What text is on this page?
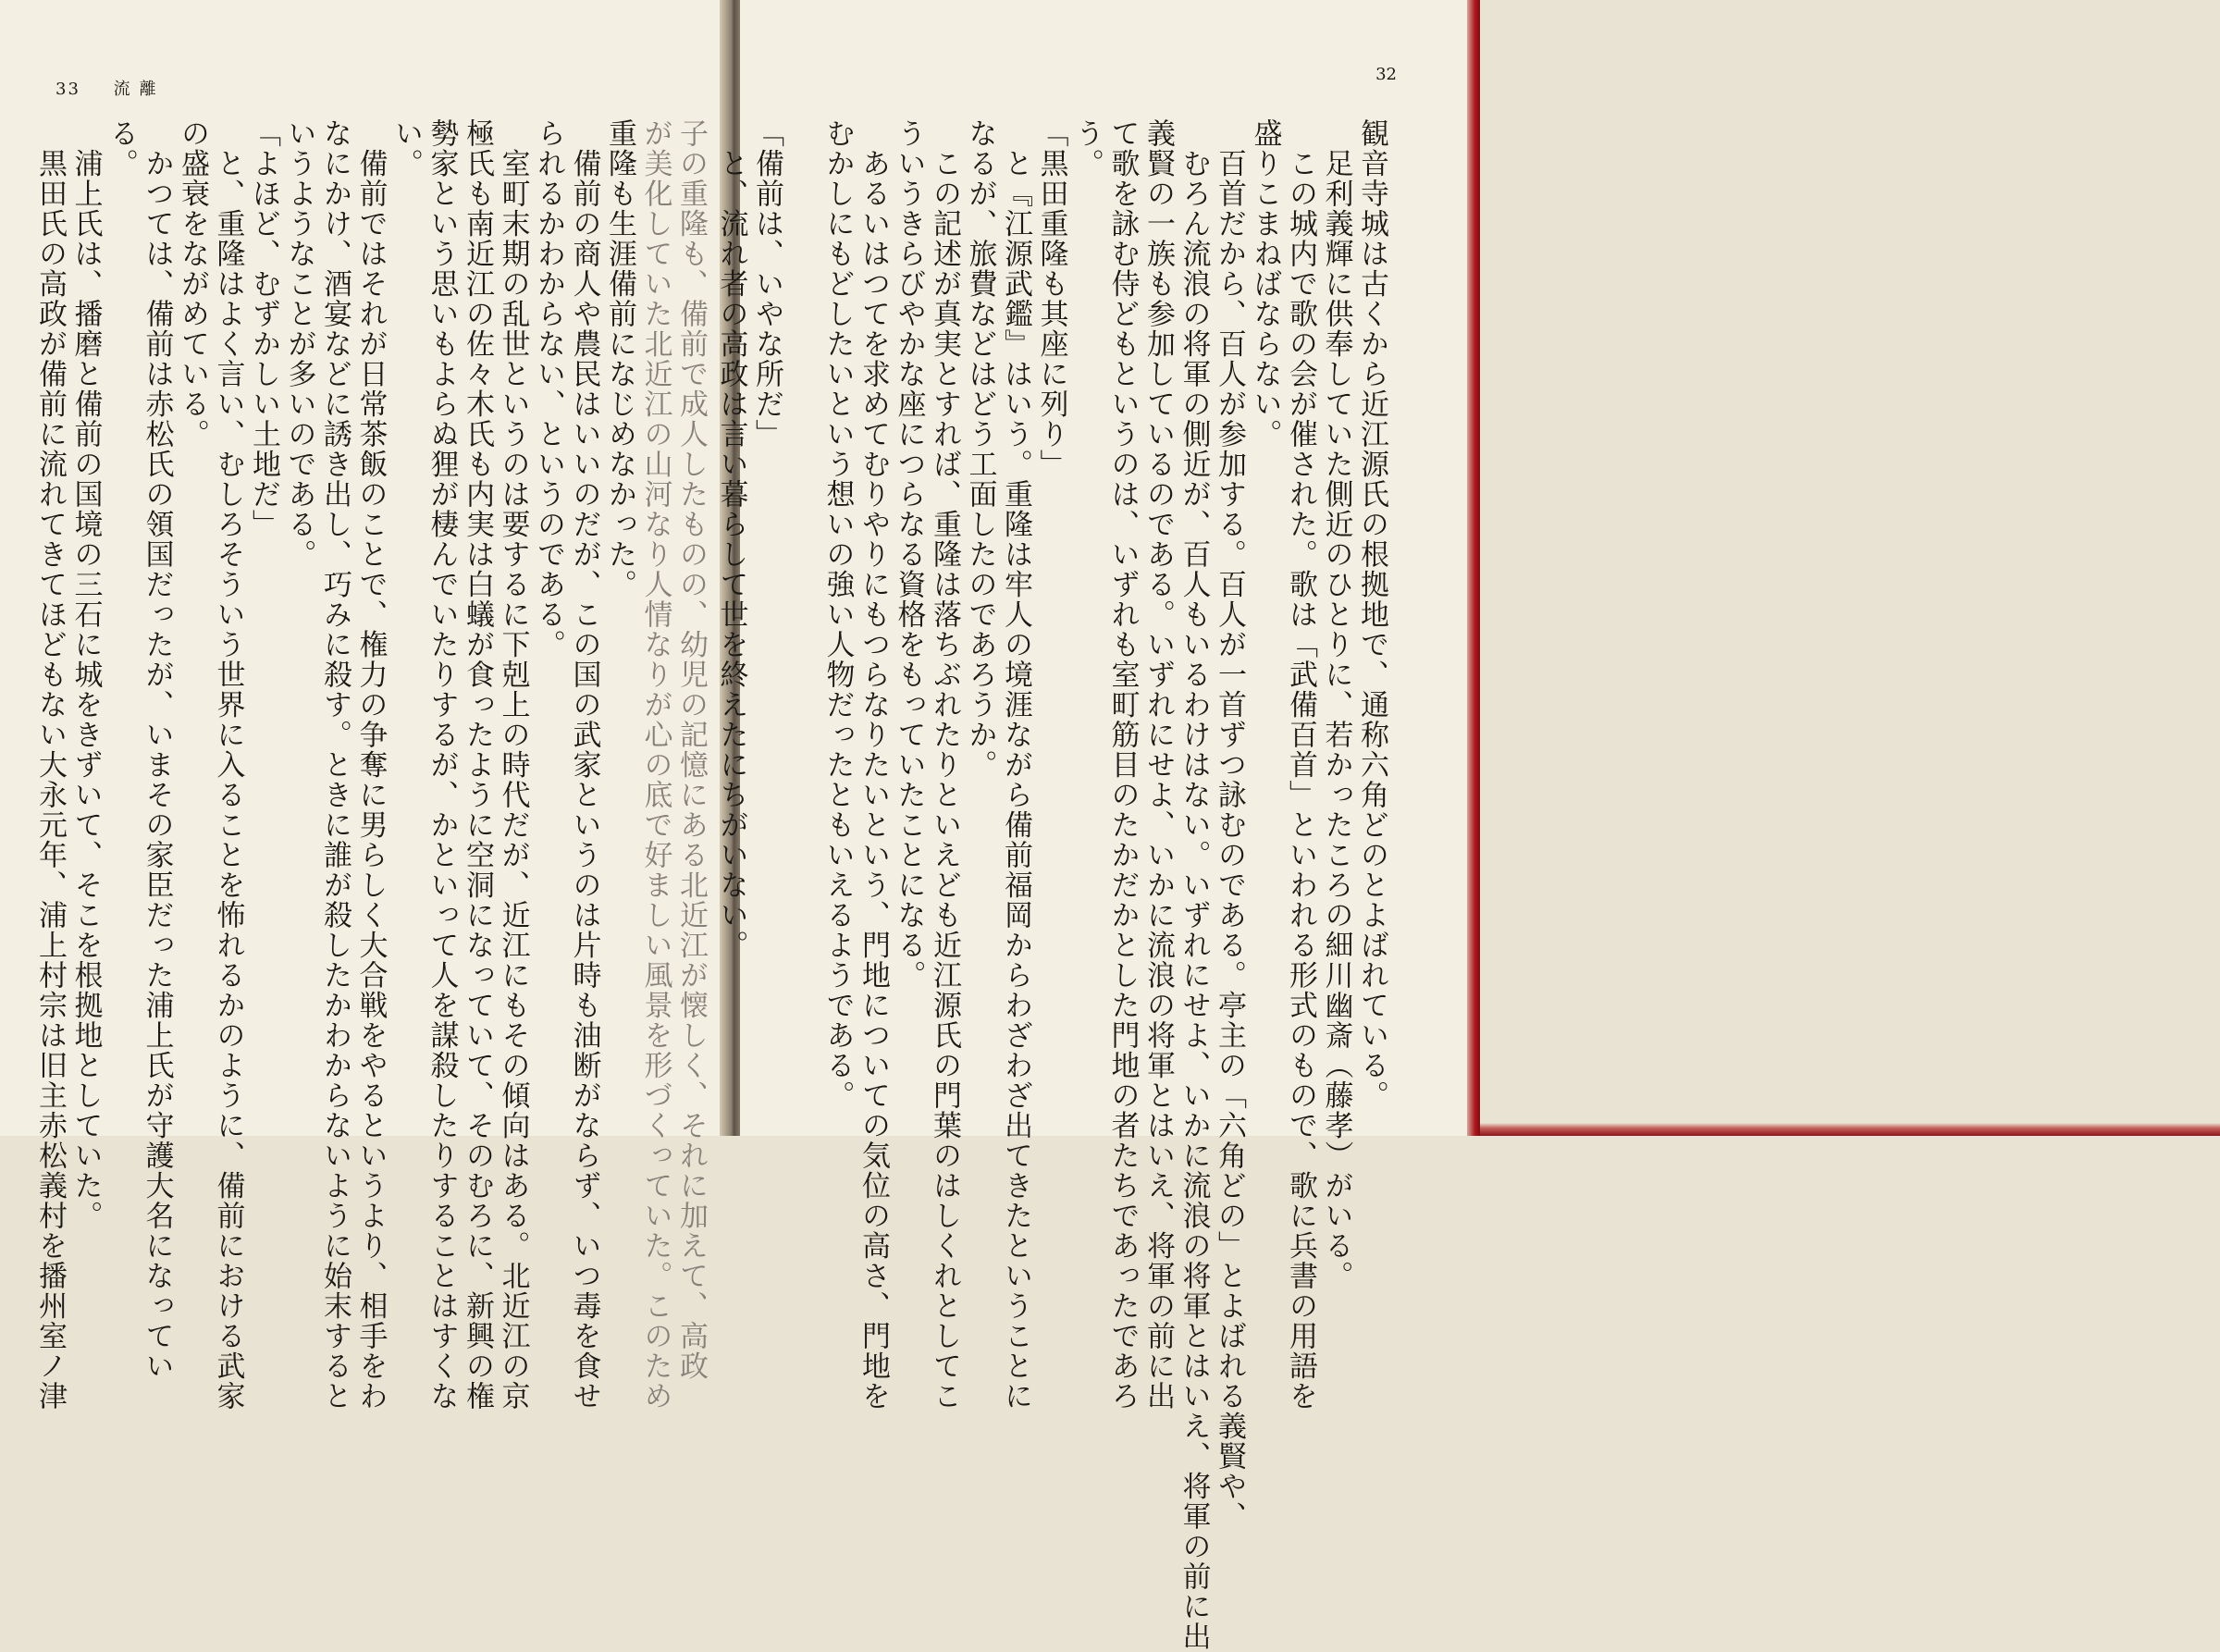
33 流離

子の重隆も、備前で成人したものの、幼児の記憶にある北近江が懐しく、それに加えて、高政

が美化していた北近江の山河なり人情なりが心の底で好ましい風景を形づくっていた。このため

重隆も生涯備前になじめなかった。

　備前の商人や農民はいいのだが、この国の武家というのは片時も油断がならず、いつ毒を食せ

られるかわからない、というのである。

　室町末期の乱世というのは要するに下剋上の時代だが、近江にもその傾向はある。北近江の京

極氏も南近江の佐々木氏も内実は白蟻が食ったように空洞になっていて、そのむろに、新興の権

勢家という思いもよらぬ狸が棲んでいたりするが、かといって人を謀殺したりすることはすくな

い。

　備前ではそれが日常茶飯のことで、権力の争奪に男らしく大合戦をやるというより、相手をわ

なにかけ、酒宴などに誘き出し、巧みに殺す。ときに誰が殺したかわからないように始末すると

いうようなことが多いのである。

「よほど、むずかしい土地だ」

　と、重隆はよく言い、むしろそういう世界に入ることを怖れるかのように、備前における武家

の盛衰をながめている。

　かつては、備前は赤松氏の領国だったが、いまその家臣だった浦上氏が守護大名になってい

る。

　浦上氏は、播磨と備前の国境の三石に城をきずいて、そこを根拠地としていた。

　黒田氏の高政が備前に流れてきてほどもない大永元年、浦上村宗は旧主赤松義村を播州室ノ津

32

観音寺城は古くから近江源氏の根拠地で、通称六角どのとよばれている。

　足利義輝に供奉していた側近のひとりに、若かったころの細川幽斎（藤孝）がいる。

　この城内で歌の会が催された。歌は「武備百首」といわれる形式のもので、歌に兵書の用語を

盛りこまねばならない。

　百首だから、百人が参加する。百人が一首ずつ詠むのである。亭主の「六角どの」とよばれる義賢や、

　むろん流浪の将軍の側近が、百人もいるわけはない。いずれにせよ、いかに流浪の将軍とはいえ、将軍の前に出

義賢の一族も参加しているのである。いずれにせよ、いかに流浪の将軍とはいえ、将軍の前に出

て歌を詠む侍どもというのは、いずれも室町筋目のたかだかとした門地の者たちであったであろ

う。

「黒田重隆も其座に列り」

　と『江源武鑑』はいう。重隆は牢人の境涯ながら備前福岡からわざわざ出てきたということに

なるが、旅費などはどう工面したのであろうか。

　この記述が真実とすれば、重隆は落ちぶれたりといえども近江源氏の門葉のはしくれとしてこ

ういうきらびやかな座につらなる資格をもっていたことになる。

　あるいはつてを求めてむりやりにもつらなりたいという、門地についての気位の高さ、門地を

むかしにもどしたいという想いの強い人物だったともいえるようである。

「備前は、いやな所だ」

　と、流れ者の高政は言い暮らして世を終えたにちがいない。
